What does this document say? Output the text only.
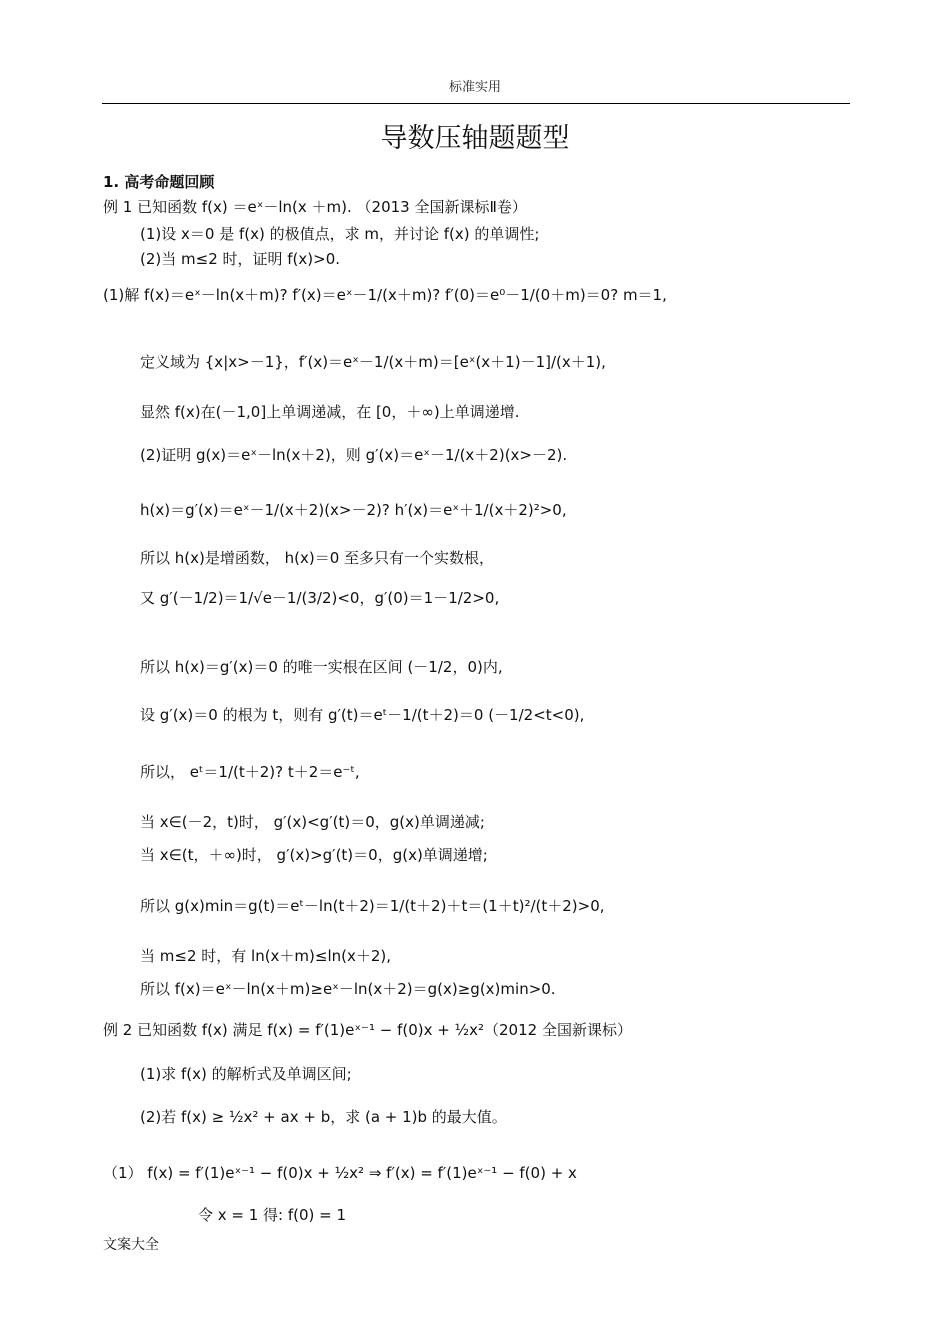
标准实用
导数压轴题题型
1. 高考命题回顾
例 1 已知函数 f(x) ＝eˣ－ln(x ＋m). （2013 全国新课标Ⅱ卷）
(1)设 x＝0 是 f(x) 的极值点，求 m，并讨论 f(x) 的单调性;
(2)当 m≤2 时，证明 f(x)>0.
(1)解 f(x)＝eˣ－ln(x＋m)? f′(x)＝eˣ－1/(x＋m)? f′(0)＝e⁰－1/(0＋m)＝0? m＝1,
定义域为 {x|x>－1}，f′(x)＝eˣ－1/(x＋m)＝[eˣ(x＋1)－1]/(x＋1),
显然 f(x)在(－1,0]上单调递减，在 [0，＋∞)上单调递增.
(2)证明 g(x)＝eˣ－ln(x＋2)，则 g′(x)＝eˣ－1/(x＋2)(x>－2).
h(x)＝g′(x)＝eˣ－1/(x＋2)(x>－2)? h′(x)＝eˣ＋1/(x＋2)²>0,
所以 h(x)是增函数， h(x)＝0 至多只有一个实数根，
又 g′(－1/2)＝1/√e－1/(3/2)<0，g′(0)＝1－1/2>0,
所以 h(x)＝g′(x)＝0 的唯一实根在区间 (－1/2，0)内,
设 g′(x)＝0 的根为 t，则有 g′(t)＝eᵗ－1/(t＋2)＝0 (－1/2<t<0),
所以， eᵗ＝1/(t＋2)? t＋2＝e⁻ᵗ,
当 x∈(－2，t)时， g′(x)<g′(t)＝0，g(x)单调递减;
当 x∈(t，＋∞)时， g′(x)>g′(t)＝0，g(x)单调递增;
所以 g(x)min＝g(t)＝eᵗ－ln(t＋2)＝1/(t＋2)＋t＝(1＋t)²/(t＋2)>0,
当 m≤2 时，有 ln(x＋m)≤ln(x＋2),
所以 f(x)＝eˣ－ln(x＋m)≥eˣ－ln(x＋2)＝g(x)≥g(x)min>0.
例 2 已知函数 f(x) 满足 f(x) = f′(1)eˣ⁻¹ − f(0)x + ½x²（2012 全国新课标）
(1)求 f(x) 的解析式及单调区间;
(2)若 f(x) ≥ ½x² + ax + b，求 (a + 1)b 的最大值。
（1） f(x) = f′(1)eˣ⁻¹ − f(0)x + ½x² ⇒ f′(x) = f′(1)eˣ⁻¹ − f(0) + x
令 x = 1 得: f(0) = 1
文案大全
